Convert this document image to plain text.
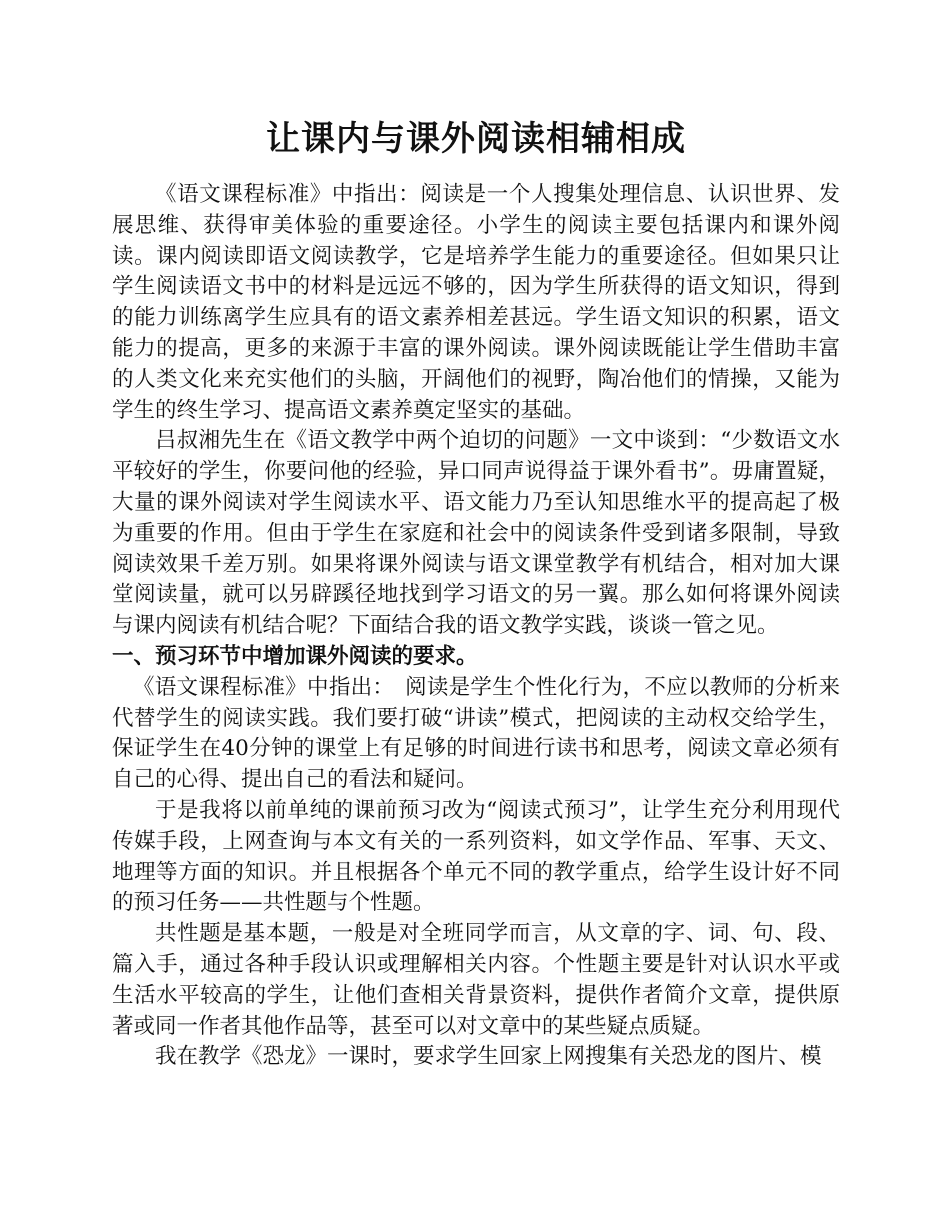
让课内与课外阅读相辅相成

《语文课程标准》中指出：阅读是一个人搜集处理信息、认识世界、发展思维、获得审美体验的重要途径。小学生的阅读主要包括课内和课外阅读。课内阅读即语文阅读教学，它是培养学生能力的重要途径。但如果只让学生阅读语文书中的材料是远远不够的，因为学生所获得的语文知识，得到的能力训练离学生应具有的语文素养相差甚远。学生语文知识的积累，语文能力的提高，更多的来源于丰富的课外阅读。课外阅读既能让学生借助丰富的人类文化来充实他们的头脑，开阔他们的视野，陶冶他们的情操，又能为学生的终生学习、提高语文素养奠定坚实的基础。

吕叔湘先生在《语文教学中两个迫切的问题》一文中谈到：“少数语文水平较好的学生，你要问他的经验，异口同声说得益于课外看书”。毋庸置疑，大量的课外阅读对学生阅读水平、语文能力乃至认知思维水平的提高起了极为重要的作用。但由于学生在家庭和社会中的阅读条件受到诸多限制，导致阅读效果千差万别。如果将课外阅读与语文课堂教学有机结合，相对加大课堂阅读量，就可以另辟蹊径地找到学习语文的另一翼。那么如何将课外阅读与课内阅读有机结合呢？下面结合我的语文教学实践，谈谈一管之见。

一、预习环节中增加课外阅读的要求。

《语文课程标准》中指出：　阅读是学生个性化行为，不应以教师的分析来代替学生的阅读实践。我们要打破“讲读”模式，把阅读的主动权交给学生，保证学生在40分钟的课堂上有足够的时间进行读书和思考，阅读文章必须有自己的心得、提出自己的看法和疑问。

于是我将以前单纯的课前预习改为“阅读式预习”，让学生充分利用现代传媒手段，上网查询与本文有关的一系列资料，如文学作品、军事、天文、地理等方面的知识。并且根据各个单元不同的教学重点，给学生设计好不同的预习任务——共性题与个性题。

共性题是基本题，一般是对全班同学而言，从文章的字、词、句、段、篇入手，通过各种手段认识或理解相关内容。个性题主要是针对认识水平或生活水平较高的学生，让他们查相关背景资料，提供作者简介文章，提供原著或同一作者其他作品等，甚至可以对文章中的某些疑点质疑。

我在教学《恐龙》一课时，要求学生回家上网搜集有关恐龙的图片、模
